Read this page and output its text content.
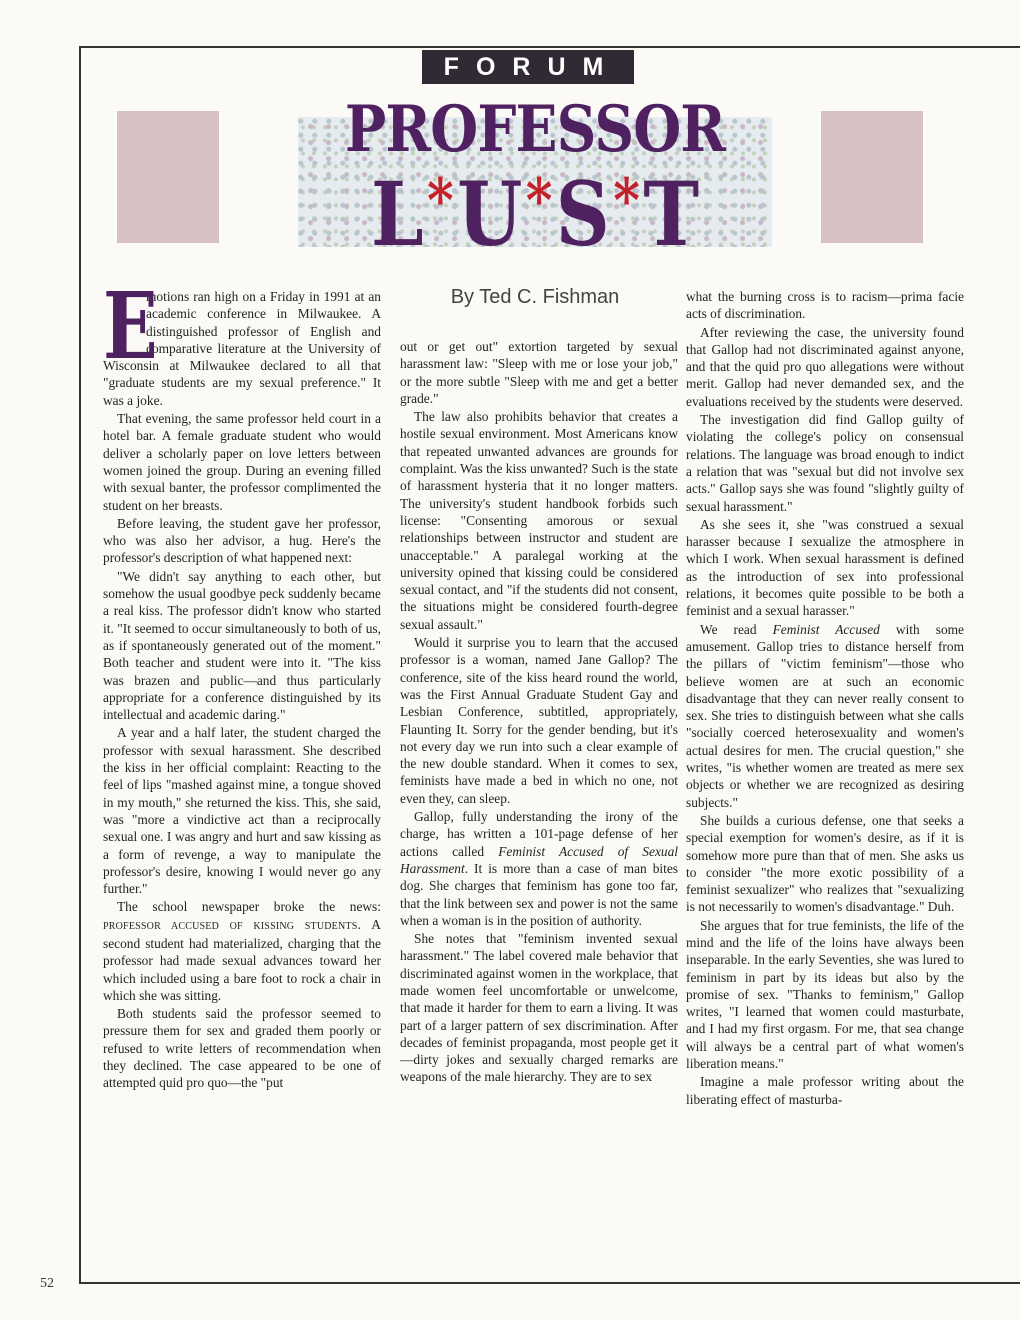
52
FORUM
PROFESSOR
L*U*S*T
By Ted C. Fishman

E
motions ran high on a Friday in 1991 at an academic conference in Milwaukee. A distinguished professor of English and comparative literature at the University of Wisconsin at Milwaukee declared to all that "graduate students are my sexual preference." It was a joke.

That evening, the same professor held court in a hotel bar. A female graduate student who would deliver a scholarly paper on love letters between women joined the group. During an evening filled with sexual banter, the professor complimented the student on her breasts.

Before leaving, the student gave her professor, who was also her advisor, a hug. Here's the professor's description of what happened next:

"We didn't say anything to each other, but somehow the usual goodbye peck suddenly became a real kiss. The professor didn't know who started it. "It seemed to occur simultaneously to both of us, as if spontaneously generated out of the moment." Both teacher and student were into it. "The kiss was brazen and public—and thus particularly appropriate for a conference distinguished by its intellectual and academic daring."

A year and a half later, the student charged the professor with sexual harassment. She described the kiss in her official complaint: Reacting to the feel of lips "mashed against mine, a tongue shoved in my mouth," she returned the kiss. This, she said, was "more a vindictive act than a reciprocally sexual one. I was angry and hurt and saw kissing as a form of revenge, a way to manipulate the professor's desire, knowing I would never go any further."

The school newspaper broke the news: PROFESSOR ACCUSED OF KISSING STUDENTS. A second student had materialized, charging that the professor had made sexual advances toward her which included using a bare foot to rock a chair in which she was sitting.

Both students said the professor seemed to pressure them for sex and graded them poorly or refused to write letters of recommendation when they declined. The case appeared to be one of attempted quid pro quo—the "put

out or get out" extortion targeted by sexual harassment law: "Sleep with me or lose your job," or the more subtle "Sleep with me and get a better grade."

The law also prohibits behavior that creates a hostile sexual environment. Most Americans know that repeated unwanted advances are grounds for complaint. Was the kiss unwanted? Such is the state of harassment hysteria that it no longer matters. The university's student handbook forbids such license: "Consenting amorous or sexual relationships between instructor and student are unacceptable." A paralegal working at the university opined that kissing could be considered sexual contact, and "if the students did not consent, the situations might be considered fourth-degree sexual assault."

Would it surprise you to learn that the accused professor is a woman, named Jane Gallop? The conference, site of the kiss heard round the world, was the First Annual Graduate Student Gay and Lesbian Conference, subtitled, appropriately, Flaunting It. Sorry for the gender bending, but it's not every day we run into such a clear example of the new double standard. When it comes to sex, feminists have made a bed in which no one, not even they, can sleep.

Gallop, fully understanding the irony of the charge, has written a 101-page defense of her actions called Feminist Accused of Sexual Harassment. It is more than a case of man bites dog. She charges that feminism has gone too far, that the link between sex and power is not the same when a woman is in the position of authority.

She notes that "feminism invented sexual harassment." The label covered male behavior that discriminated against women in the workplace, that made women feel uncomfortable or unwelcome, that made it harder for them to earn a living. It was part of a larger pattern of sex discrimination. After decades of feminist propaganda, most people get it—dirty jokes and sexually charged remarks are weapons of the male hierarchy. They are to sex

what the burning cross is to racism—prima facie acts of discrimination.

After reviewing the case, the university found that Gallop had not discriminated against anyone, and that the quid pro quo allegations were without merit. Gallop had never demanded sex, and the evaluations received by the students were deserved.

The investigation did find Gallop guilty of violating the college's policy on consensual relations. The language was broad enough to indict a relation that was "sexual but did not involve sex acts." Gallop says she was found "slightly guilty of sexual harassment."

As she sees it, she "was construed a sexual harasser because I sexualize the atmosphere in which I work. When sexual harassment is defined as the introduction of sex into professional relations, it becomes quite possible to be both a feminist and a sexual harasser."

We read Feminist Accused with some amusement. Gallop tries to distance herself from the pillars of "victim feminism"—those who believe women are at such an economic disadvantage that they can never really consent to sex. She tries to distinguish between what she calls "socially coerced heterosexuality and women's actual desires for men. The crucial question," she writes, "is whether women are treated as mere sex objects or whether we are recognized as desiring subjects."

She builds a curious defense, one that seeks a special exemption for women's desire, as if it is somehow more pure than that of men. She asks us to consider "the more exotic possibility of a feminist sexualizer" who realizes that "sexualizing is not necessarily to women's disadvantage." Duh.

She argues that for true feminists, the life of the mind and the life of the loins have always been inseparable. In the early Seventies, she was lured to feminism in part by its ideas but also by the promise of sex. "Thanks to feminism," Gallop writes, "I learned that women could masturbate, and I had my first orgasm. For me, that sea change will always be a central part of what women's liberation means."

Imagine a male professor writing about the liberating effect of masturba-
